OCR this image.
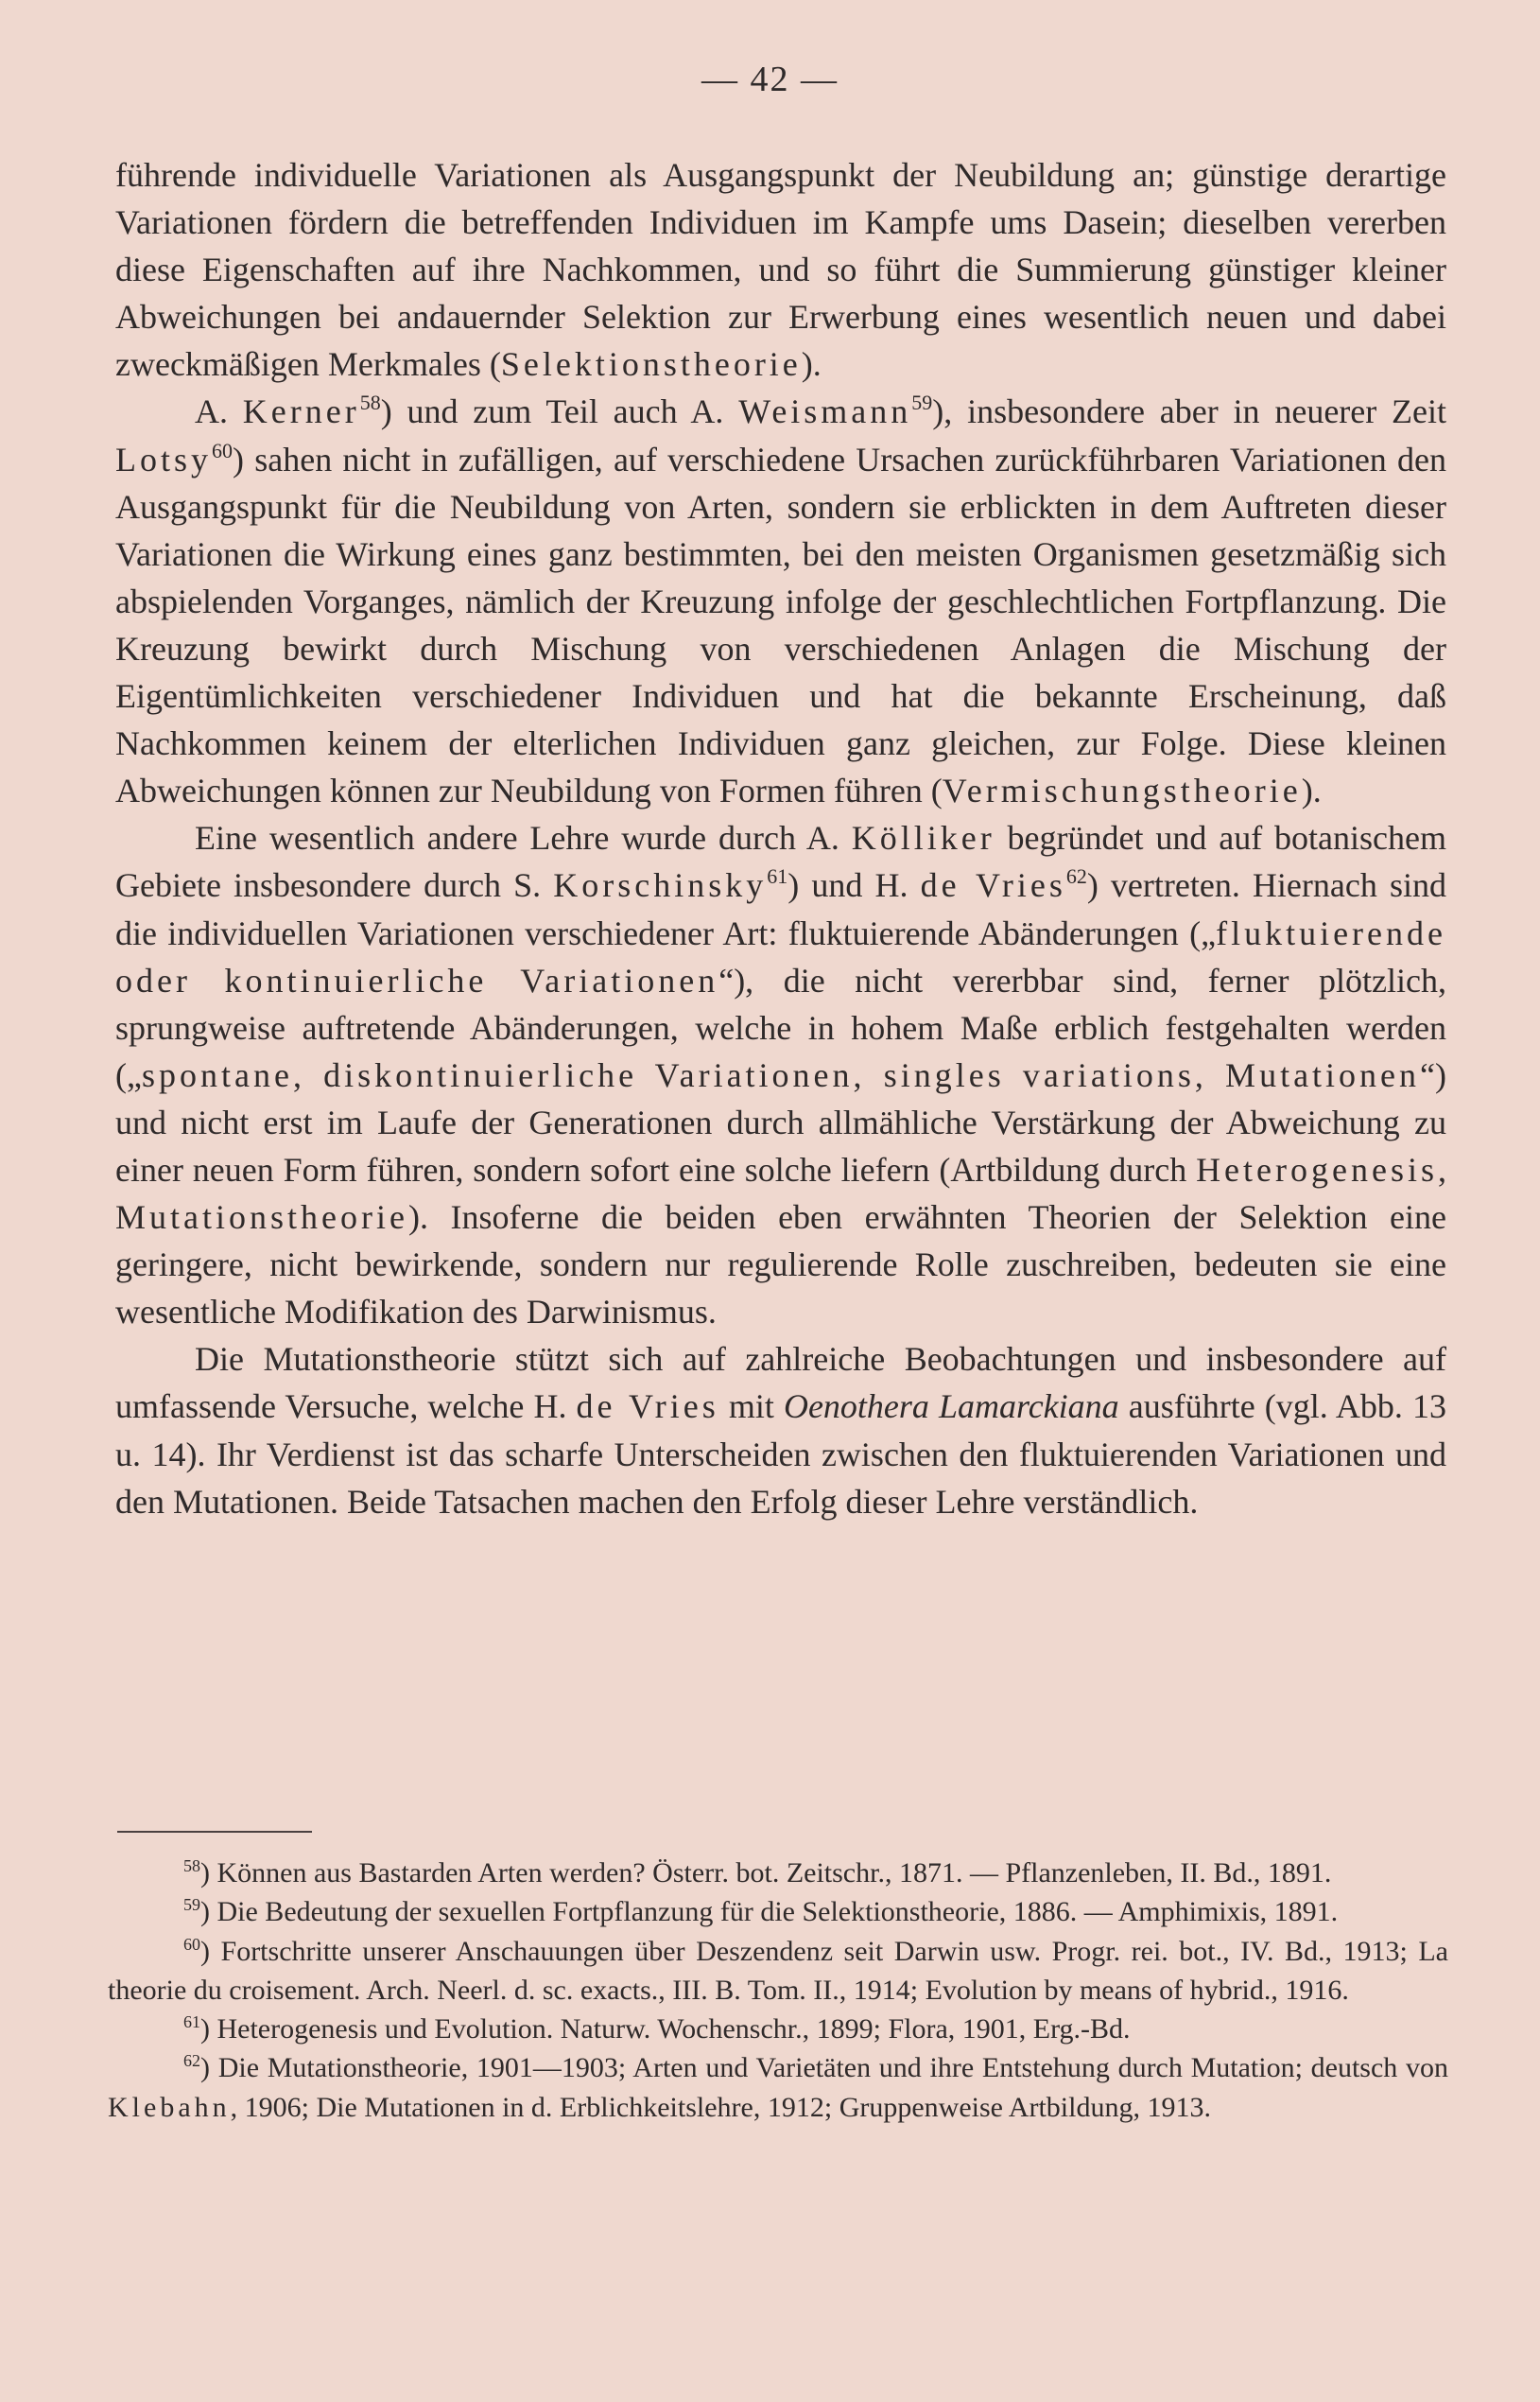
— 42 —

führende individuelle Variationen als Ausgangspunkt der Neubildung an; günstige derartige Variationen fördern die betreffenden Individuen im Kampfe ums Dasein; dieselben vererben diese Eigenschaften auf ihre Nachkommen, und so führt die Summierung günstiger kleiner Abweichungen bei andauernder Selektion zur Erwerbung eines wesentlich neuen und dabei zweckmäßigen Merkmales (Selektionstheorie).

A. Kerner$^{58}$) und zum Teil auch A. Weismann$^{59}$), insbesondere aber in neuerer Zeit Lotsy$^{60}$) sahen nicht in zufälligen, auf verschiedene Ursachen zurückführbaren Variationen den Ausgangspunkt für die Neubildung von Arten, sondern sie erblickten in dem Auftreten dieser Variationen die Wirkung eines ganz bestimmten, bei den meisten Organismen gesetzmäßig sich abspielenden Vorganges, nämlich der Kreuzung infolge der geschlechtlichen Fortpflanzung. Die Kreuzung bewirkt durch Mischung von verschiedenen Anlagen die Mischung der Eigentümlichkeiten verschiedener Individuen und hat die bekannte Erscheinung, daß Nachkommen keinem der elterlichen Individuen ganz gleichen, zur Folge. Diese kleinen Abweichungen können zur Neubildung von Formen führen (Vermischungstheorie).

Eine wesentlich andere Lehre wurde durch A. Kölliker begründet und auf botanischem Gebiete insbesondere durch S. Korschinsky$^{61}$) und H. de Vries$^{62}$) vertreten. Hiernach sind die individuellen Variationen verschiedener Art: fluktuierende Abänderungen („fluktuierende oder kontinuierliche Variationen“), die nicht vererbbar sind, ferner plötzlich, sprungweise auftretende Abänderungen, welche in hohem Maße erblich festgehalten werden („spontane, diskontinuierliche Variationen, singles variations, Mutationen“) und nicht erst im Laufe der Generationen durch allmähliche Verstärkung der Abweichung zu einer neuen Form führen, sondern sofort eine solche liefern (Artbildung durch Heterogenesis, Mutationstheorie). Insoferne die beiden eben erwähnten Theorien der Selektion eine geringere, nicht bewirkende, sondern nur regulierende Rolle zuschreiben, bedeuten sie eine wesentliche Modifikation des Darwinismus.

Die Mutationstheorie stützt sich auf zahlreiche Beobachtungen und insbesondere auf umfassende Versuche, welche H. de Vries mit Oenothera Lamarckiana ausführte (vgl. Abb. 13 u. 14). Ihr Verdienst ist das scharfe Unterscheiden zwischen den fluktuierenden Variationen und den Mutationen. Beide Tatsachen machen den Erfolg dieser Lehre verständlich.

$^{58}$) Können aus Bastarden Arten werden? Österr. bot. Zeitschr., 1871. — Pflanzenleben, II. Bd., 1891.

$^{59}$) Die Bedeutung der sexuellen Fortpflanzung für die Selektionstheorie, 1886. — Amphimixis, 1891.

$^{60}$) Fortschritte unserer Anschauungen über Deszendenz seit Darwin usw. Progr. rei. bot., IV. Bd., 1913; La theorie du croisement. Arch. Neerl. d. sc. exacts., III. B. Tom. II., 1914; Evolution by means of hybrid., 1916.

$^{61}$) Heterogenesis und Evolution. Naturw. Wochenschr., 1899; Flora, 1901, Erg.-Bd.

$^{62}$) Die Mutationstheorie, 1901—1903; Arten und Varietäten und ihre Entstehung durch Mutation; deutsch von Klebahn, 1906; Die Mutationen in d. Erblichkeitslehre, 1912; Gruppenweise Artbildung, 1913.
